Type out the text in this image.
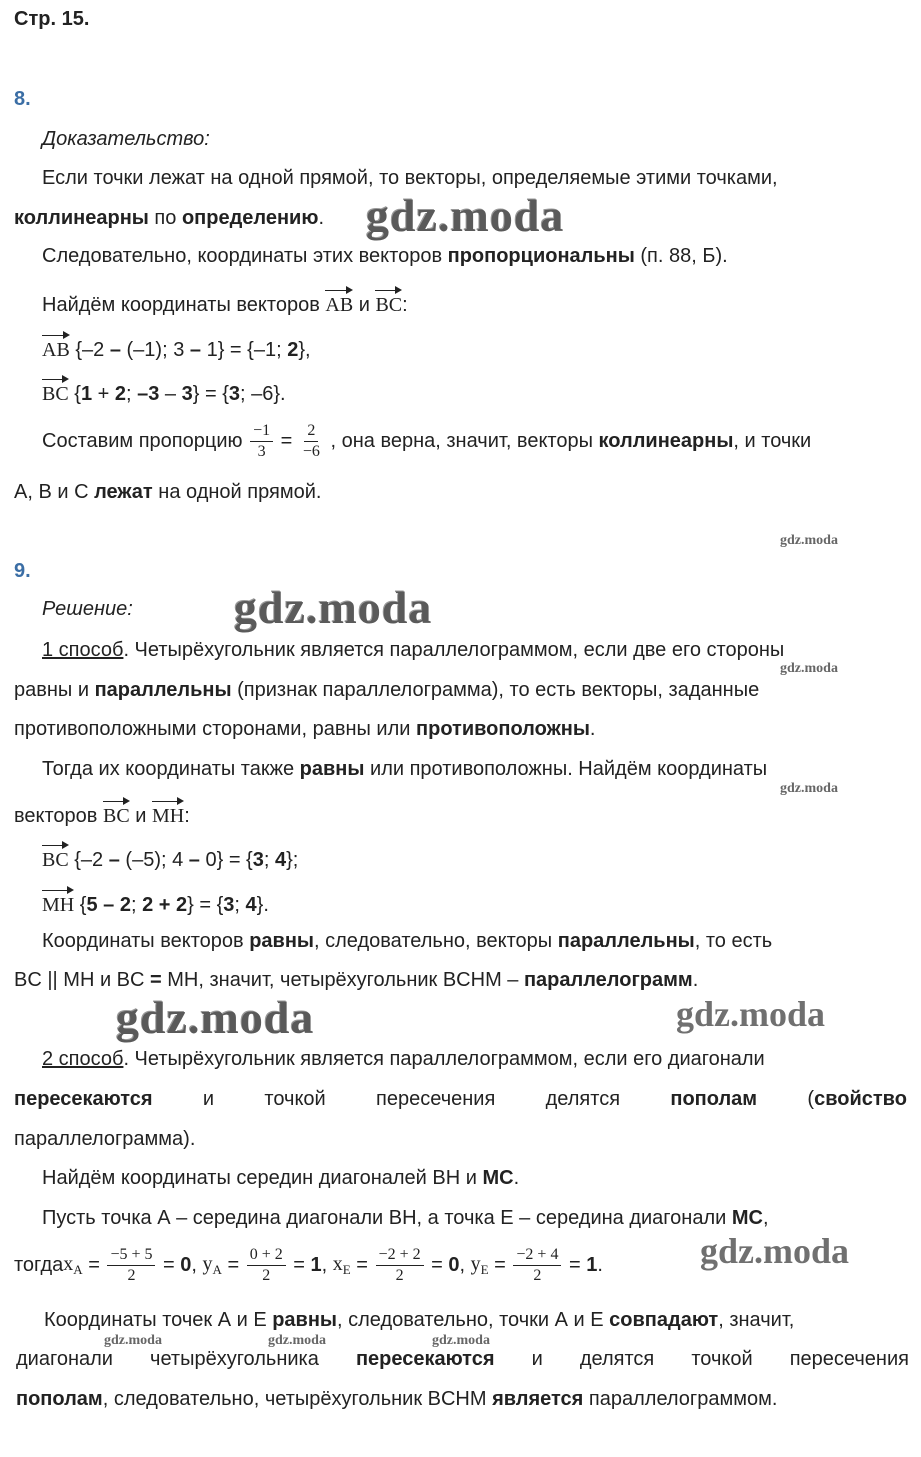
Стр. 15.
8.
Доказательство:
Если точки лежат на одной прямой, то векторы, определяемые этими точками,
коллинеарны по определению.
Следовательно, координаты этих векторов пропорциональны (п. 88, Б).
Найдём координаты векторов AB и BC:
AB {–2 – (–1); 3 – 1} = {–1; 2},
BC {1 + 2; –3 – 3} = {3; –6}.
Составим пропорцию $\frac{-1}{3} = \frac{2}{-6}$ , она верна, значит, векторы коллинеарны, и точки
А, В и С лежат на одной прямой.
9.
Решение:
1 способ. Четырёхугольник является параллелограммом, если две его стороны
равны и параллельны (признак параллелограмма), то есть векторы, заданные
противоположными сторонами, равны или противоположны.
Тогда их координаты также равны или противоположны. Найдём координаты
векторов BC и MH:
BC {–2 – (–5); 4 – 0} = {3; 4};
MH {5 – 2; 2 + 2} = {3; 4}.
Координаты векторов равны, следовательно, векторы параллельны, то есть
BC || MH и BC = MH, значит, четырёхугольник BCHM – параллелограмм.
2 способ. Четырёхугольник является параллелограммом, если его диагонали
пересекаются	и	точкой	пересечения	делятся	пополам	(свойство
параллелограмма).
Найдём координаты середин диагоналей BH и MC.
Пусть точка А – середина диагонали BH, а точка Е – середина диагонали MC,
тогда $x_A = \frac{-5 + 5}{2} = 0$ , $y_A = \frac{0 + 2}{2} = 1$ , $x_E = \frac{-2 + 2}{2} = 0$ , $y_E = \frac{-2 + 4}{2} = 1$ .
Координаты точек А и Е равны, следовательно, точки А и Е совпадают, значит,
диагонали четырёхугольника пересекаются и делятся точкой пересечения
пополам, следовательно, четырёхугольник BCHM является параллелограммом.
gdz.moda
gdz.moda
gdz.moda
gdz.moda
gdz.moda
gdz.moda	gdz.moda
gdz.moda
gdz.moda	gdz.moda	gdz.moda
